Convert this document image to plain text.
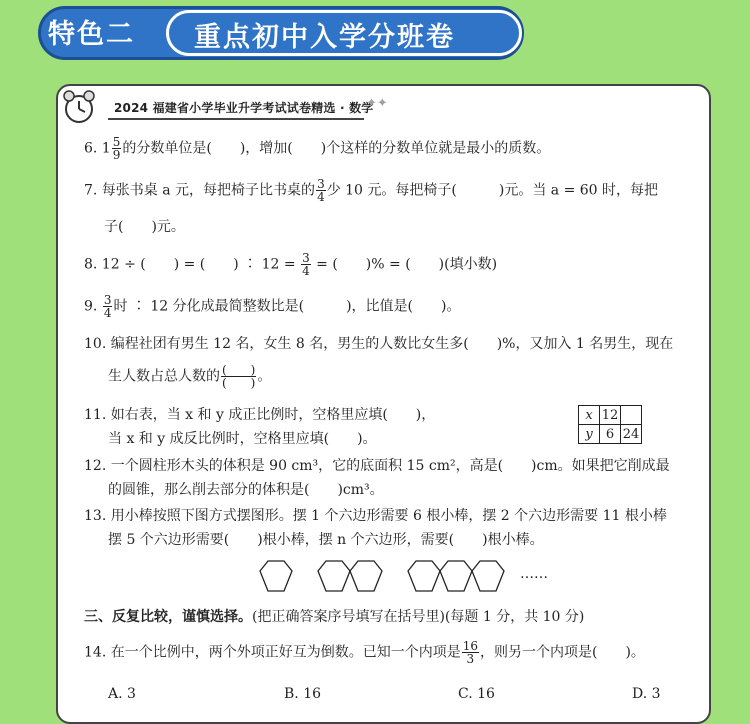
特色二 重点初中入学分班卷
2024 福建省小学毕业升学考试试卷精选 · 数学
✦✦
6. $1 \frac{5}{9}$ 的分数单位是(　　)，增加(　　)个这样的分数单位就是最小的质数。
7. 每张书桌 a 元，每把椅子比书桌的 $\frac{3}{4}$ 少 10 元。每把椅子(　　　)元。当 a = 60 时，每把
子(　　)元。
8. 12 ÷ (　　) = (　　) ∶ $12 = \frac{3}{4}$ = (　　)% = (　　)(填小数)
9. $\frac{3}{4}$ 时 ∶ 12 分化成最简整数比是(　　　)，比值是(　　)。
10. 编程社团有男生 12 名，女生 8 名，男生的人数比女生多(　　)%，又加入 1 名男生，现在
生人数占总人数的 $\frac{( )}{( )}$ 。
11. 如右表，当 x 和 y 成正比例时，空格里应填(　　)，
当 x 和 y 成反比例时，空格里应填(　　)。
x	12	
y	6	24
12. 一个圆柱形木头的体积是 90 cm³，它的底面积 15 cm²，高是(　　)cm。如果把它削成最
的圆锥，那么削去部分的体积是(　　)cm³。
13. 用小棒按照下图方式摆图形。摆 1 个六边形需要 6 根小棒，摆 2 个六边形需要 11 根小棒
摆 5 个六边形需要(　　)根小棒，摆 n 个六边形，需要(　　)根小棒。
……
三、反复比较，谨慎选择。(把正确答案序号填写在括号里)(每题 1 分，共 10 分)
14. 在一个比例中，两个外项正好互为倒数。已知一个内项是 $\frac{16}{3}$ ，则另一个内项是(　　)。
A. 3	B. 16	C. 16	D. 3
